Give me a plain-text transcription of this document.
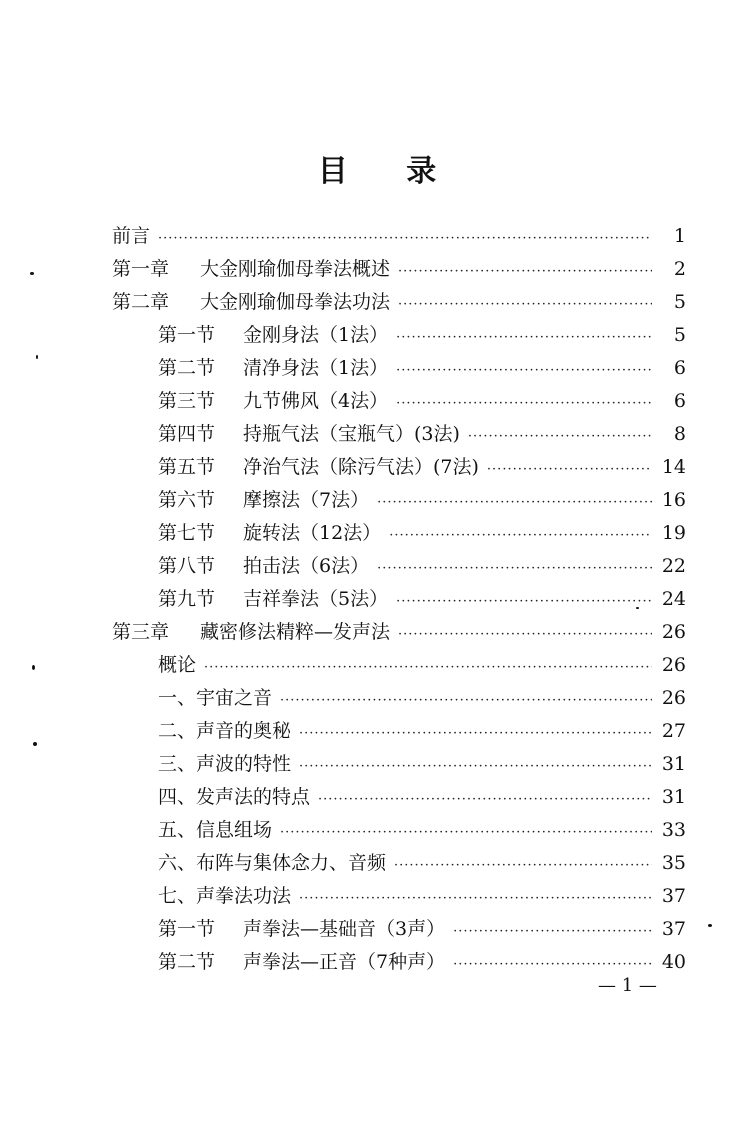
目 录
前言 ·····	1
第一章	大金刚瑜伽母拳法概述 ·····	2
第二章	大金刚瑜伽母拳法功法 ·····	5
第一节	金刚身法（1法） ·····	5
第二节	清净身法（1法） ·····	6
第三节	九节佛风（4法） ·····	6
第四节	持瓶气法（宝瓶气）(3法) ·····	8
第五节	净治气法（除污气法）(7法) ·····	14
第六节	摩擦法（7法） ·····	16
第七节	旋转法（12法） ·····	19
第八节	拍击法（6法） ·····	22
第九节	吉祥拳法（5法） ·····	24
第三章	藏密修法精粹—发声法 ·····	26
概论 ·····	26
一、宇宙之音 ·····	26
二、声音的奥秘 ·····	27
三、声波的特性 ·····	31
四、发声法的特点 ·····	31
五、信息组场 ·····	33
六、布阵与集体念力、音频 ·····	35
七、声拳法功法 ·····	37
第一节	声拳法—基础音（3声） ·····	37
第二节	声拳法—正音（7种声） ·····	40
— 1 —
